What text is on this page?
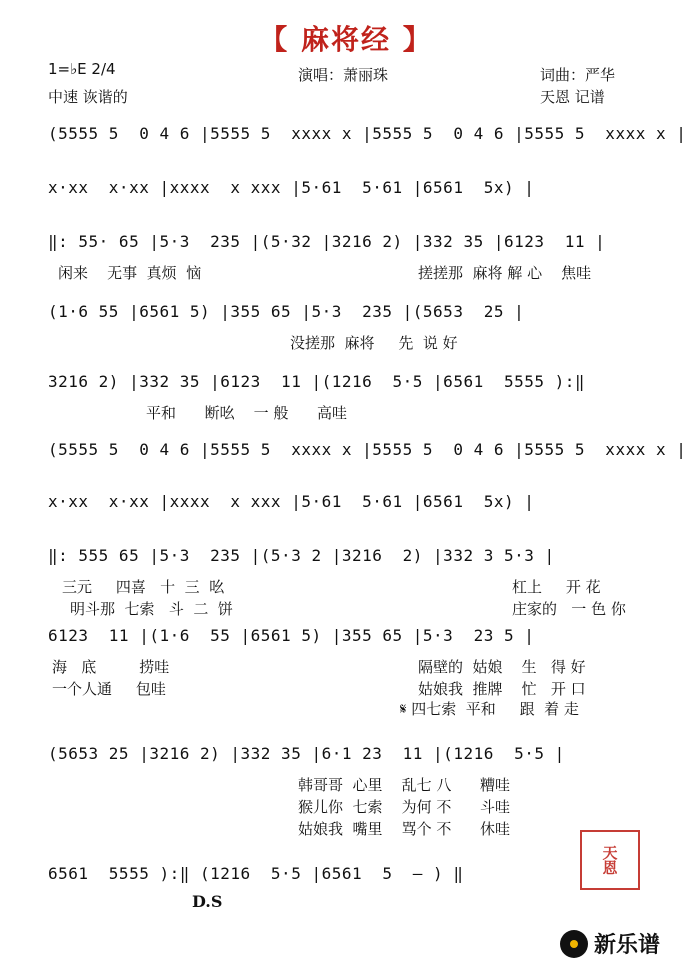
【 麻将经 】
1=♭E 2/4
中速 诙谐的
演唱：萧丽珠	词曲：严华
天恩 记谱
(5555 5  0 4 6 |5555 5  xxxx x |5555 5  0 4 6 |5555 5  xxxx x |
x·xx  x·xx |xxxx  x xxx |5·61  5·61 |6561  5x) |
‖: 55· 65 |5·3  235 |(5·32 |3216 2) |332 35 |6123  11 |
(1·6 55 |6561 5) |355 65 |5·3  235 |(5653  25 |
3216 2) |332 35 |6123  11 |(1216  5·5 |6561  5555 ):‖
(5555 5  0 4 6 |5555 5  xxxx x |5555 5  0 4 6 |5555 5  xxxx x |
x·xx  x·xx |xxxx  x xxx |5·61  5·61 |6561  5x) |
‖: 555 65 |5·3  235 |(5·3 2 |3216  2) |332 3 5·3 |
6123  11 |(1·6  55 |6561 5) |355 65 |5·3  23 5 |
(5653 25 |3216 2) |332 35 |6·1 23  11 |(1216  5·5 |
6561  5555 ):‖ (1216  5·5 |6561  5  – ) ‖
闲来    无事  真烦  恼	搓搓那  麻将 解 心    焦哇
没搓那  麻将     先  说 好
平和      断吆    一 般      高哇
三元     四喜   十  三  吆	杠上     开 花
明斗那  七索   斗  二  饼	庄家的   一 色 你
海   底         捞哇	隔壁的  姑娘    生   得 好
一个人通     包哇	姑娘我  推牌    忙   开 口
𝄋 四七索  平和     跟  着 走
韩哥哥  心里    乱七 八      糟哇
猴儿你  七索    为何 不      斗哇
姑娘我  嘴里    骂个 不      休哇
D.S
天恩
新乐谱
